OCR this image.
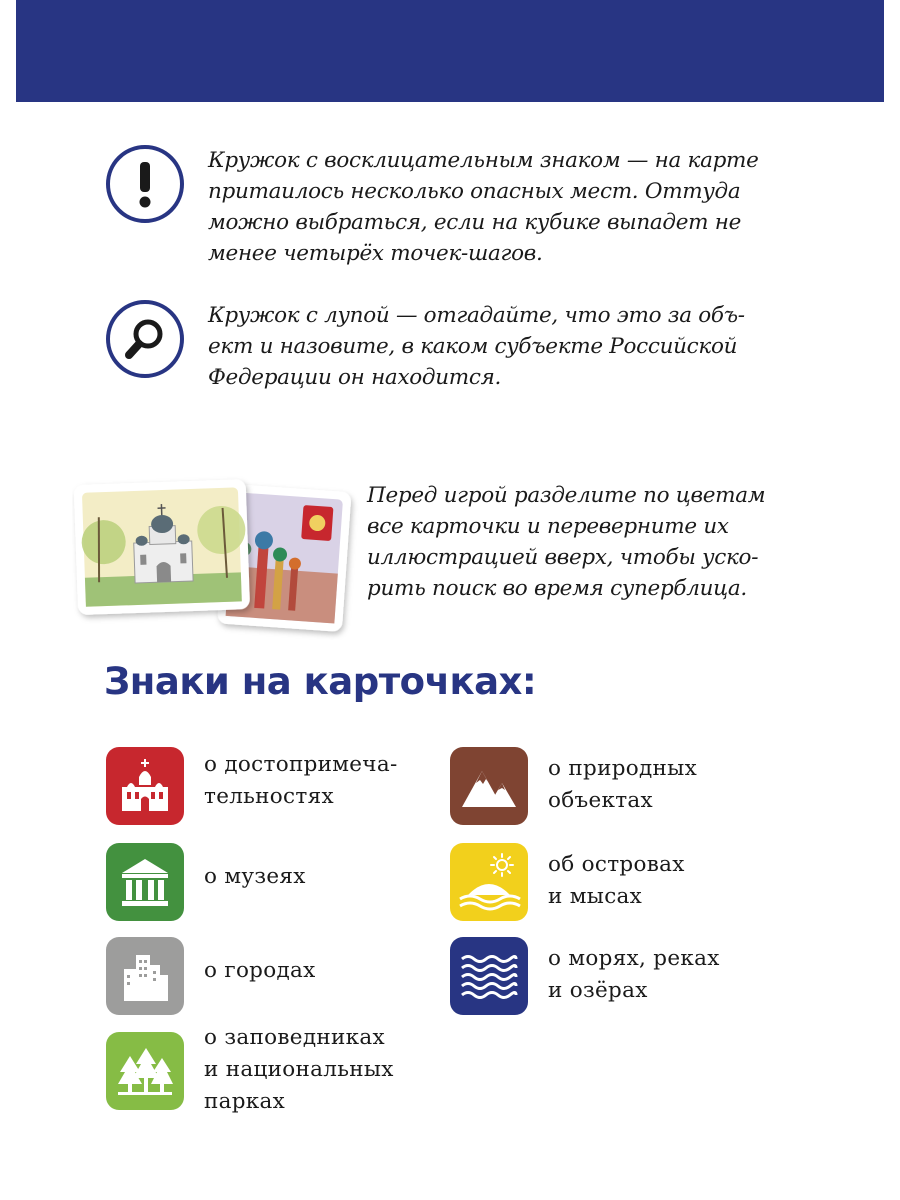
Кружок с восклицательным знаком — на карте
притаилось несколько опасных мест. Оттуда
можно выбраться, если на кубике выпадет не
менее четырёх точек-шагов.
Кружок с лупой — отгадайте, что это за объ-
ект и назовите, в каком субъекте Российской
Федерации он находится.
Перед игрой разделите по цветам
все карточки и переверните их
иллюстрацией вверх, чтобы уско-
рить поиск во время суперблица.
Знаки на карточках:
о достопримеча-
тельностях
о музеях
о городах
о заповедниках
и национальных
парках
о природных
объектах
об островах
и мысах
о морях, реках
и озёрах
